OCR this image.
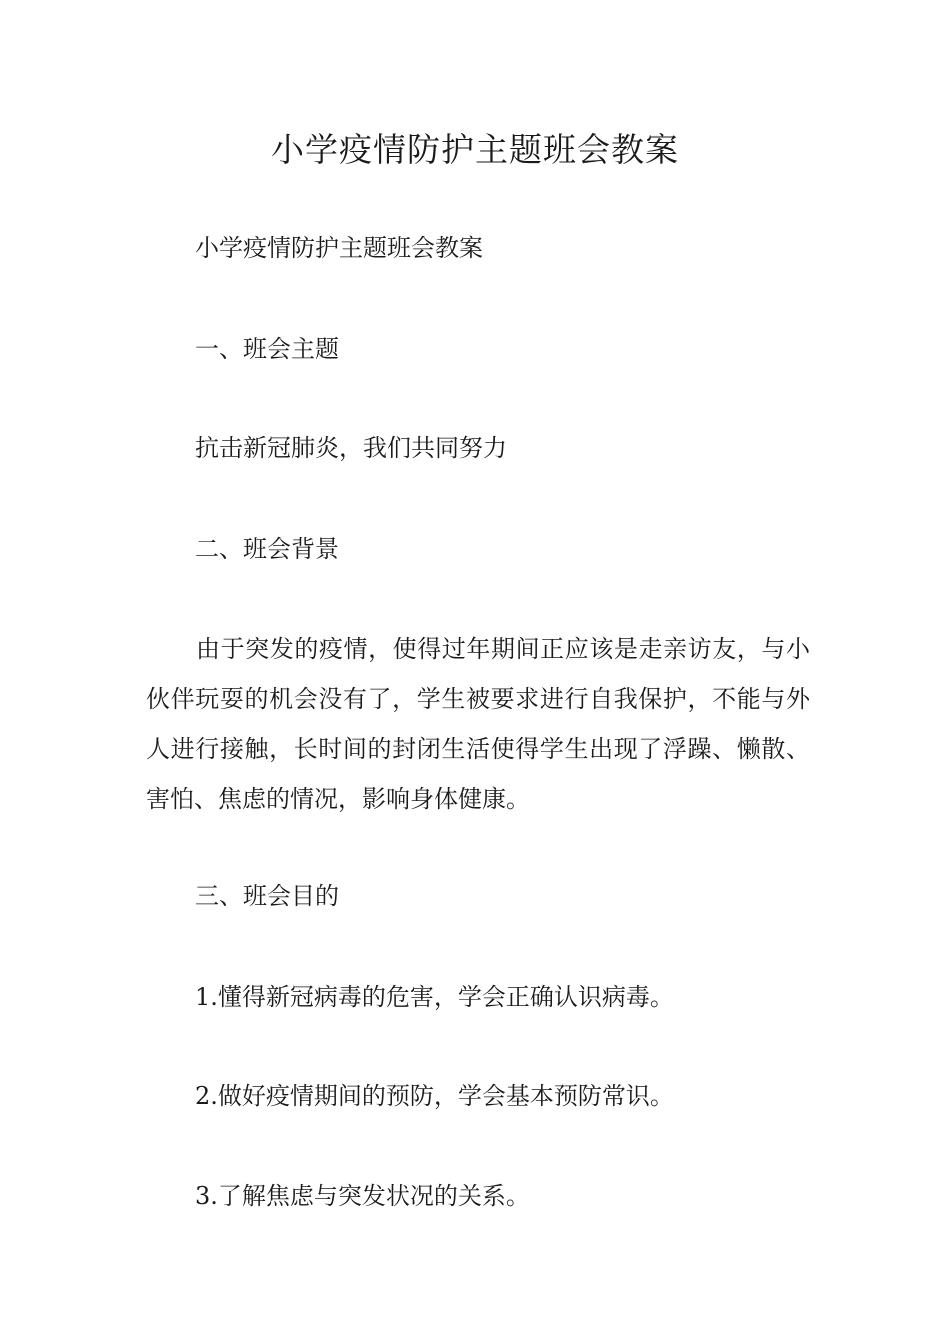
小学疫情防护主题班会教案

小学疫情防护主题班会教案

一、班会主题

抗击新冠肺炎，我们共同努力

二、班会背景

由于突发的疫情，使得过年期间正应该是走亲访友，与小伙伴玩耍的机会没有了，学生被要求进行自我保护，不能与外人进行接触，长时间的封闭生活使得学生出现了浮躁、懒散、害怕、焦虑的情况，影响身体健康。

三、班会目的

1.懂得新冠病毒的危害，学会正确认识病毒。

2.做好疫情期间的预防，学会基本预防常识。

3.了解焦虑与突发状况的关系。
